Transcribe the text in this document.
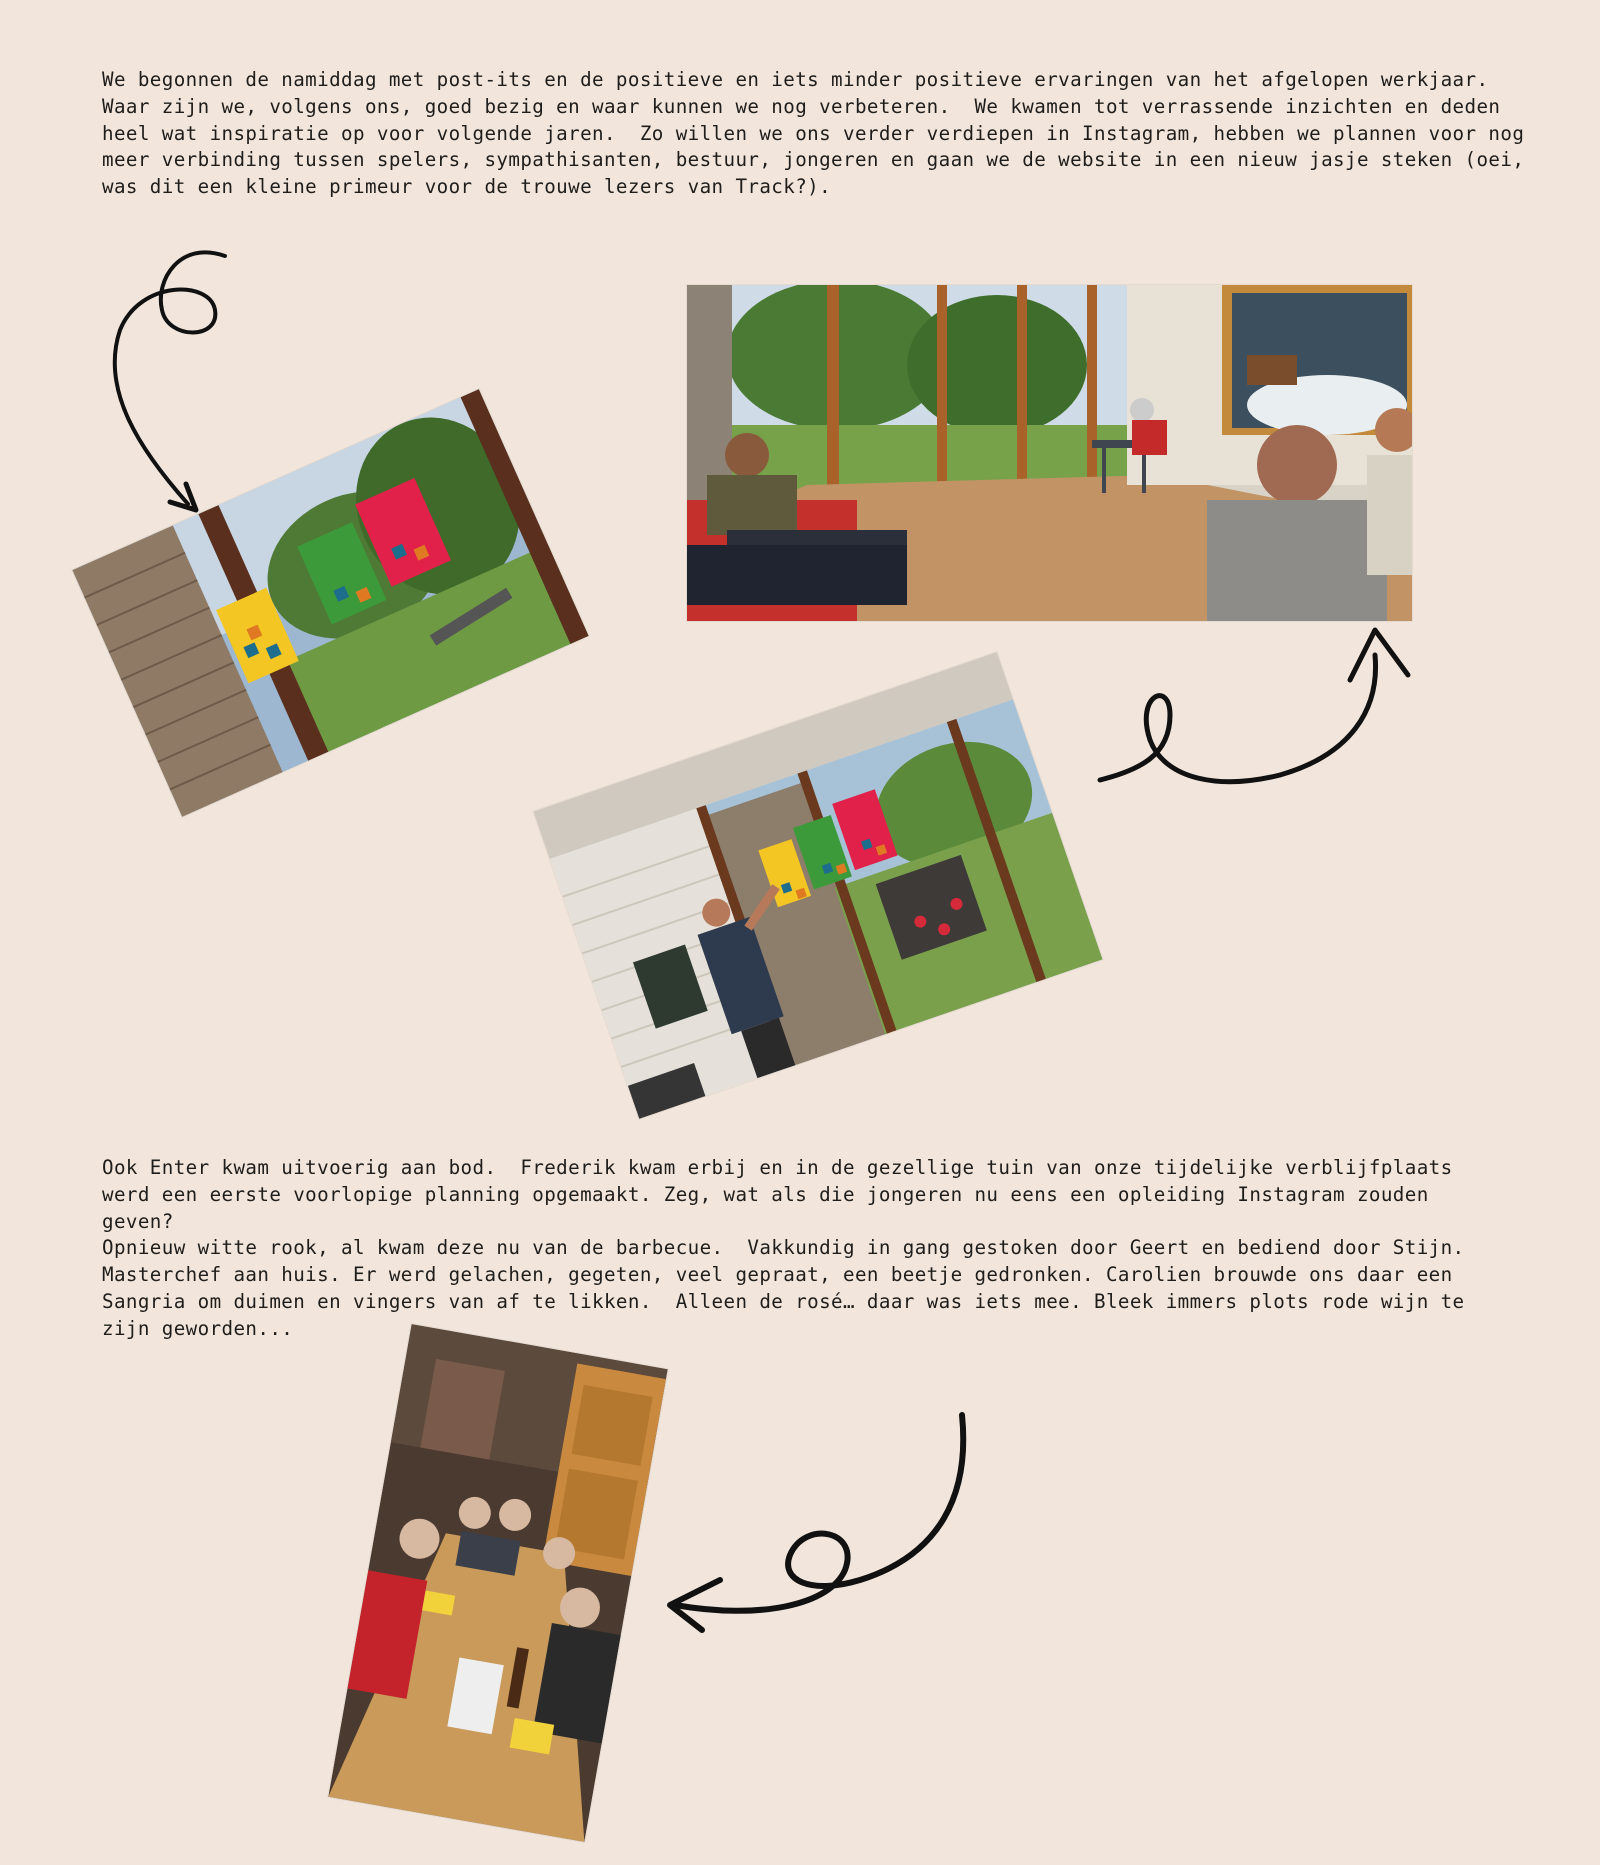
We begonnen de namiddag met post-its en de positieve en iets minder positieve ervaringen van het afgelopen werkjaar.
Waar zijn we, volgens ons, goed bezig en waar kunnen we nog verbeteren.  We kwamen tot verrassende inzichten en deden
heel wat inspiratie op voor volgende jaren.  Zo willen we ons verder verdiepen in Instagram, hebben we plannen voor nog
meer verbinding tussen spelers, sympathisanten, bestuur, jongeren en gaan we de website in een nieuw jasje steken (oei,
was dit een kleine primeur voor de trouwe lezers van Track?).

Ook Enter kwam uitvoerig aan bod.  Frederik kwam erbij en in de gezellige tuin van onze tijdelijke verblijfplaats
werd een eerste voorlopige planning opgemaakt. Zeg, wat als die jongeren nu eens een opleiding Instagram zouden
geven?
Opnieuw witte rook, al kwam deze nu van de barbecue.  Vakkundig in gang gestoken door Geert en bediend door Stijn.
Masterchef aan huis. Er werd gelachen, gegeten, veel gepraat, een beetje gedronken. Carolien brouwde ons daar een
Sangria om duimen en vingers van af te likken.  Alleen de rosé… daar was iets mee. Bleek immers plots rode wijn te
zijn geworden...
